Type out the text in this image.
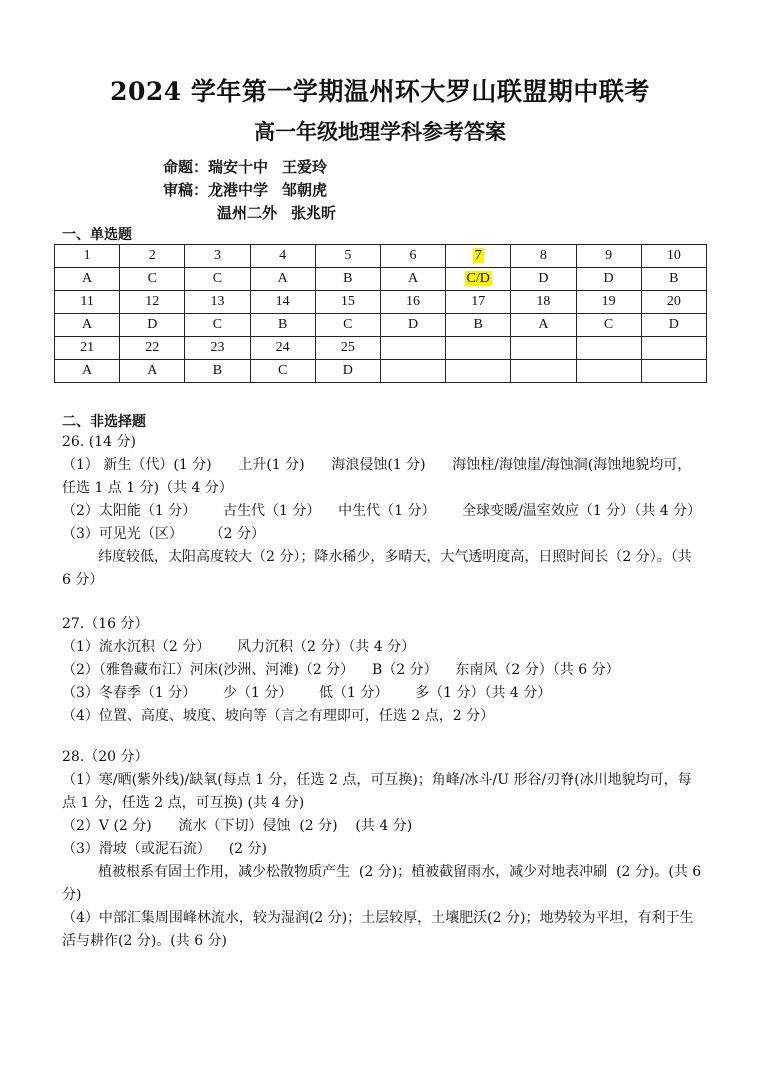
2024 学年第一学期温州环大罗山联盟期中联考
高一年级地理学科参考答案
命题：瑞安十中 王爱玲
审稿：龙港中学 邹朝虎
温州二外 张兆昕
一、单选题
1	2	3	4	5	6	7	8	9	10
A	C	C	A	B	A	C/D	D	D	B
11	12	13	14	15	16	17	18	19	20
A	D	C	B	C	D	B	A	C	D
21	22	23	24	25					
A	A	B	C	D					
二、非选择题

26. (14 分)

（1） 新生（代）(1 分)      上升(1 分)      海浪侵蚀(1 分)      海蚀柱/海蚀崖/海蚀洞(海蚀地貌均可，任选 1 点 1 分)（共 4 分）

（2）太阳能（1 分）      古生代（1 分）    中生代（1 分）      全球变暖/温室效应（1 分）（共 4 分）

（3）可见光（区）      （2 分）

纬度较低，太阳高度较大（2 分）；降水稀少，多晴天，大气透明度高，日照时间长（2 分）。（共 6 分）

27.（16 分）

（1）流水沉积（2 分）      风力沉积（2 分）（共 4 分）

（2）（雅鲁藏布江）河床(沙洲、河滩)（2 分）    B（2 分）    东南风（2 分）（共 6 分）

（3）冬春季（1 分）      少（1 分）      低（1 分）      多（1 分）（共 4 分）

（4）位置、高度、坡度、坡向等（言之有理即可，任选 2 点，2 分）

28.（20 分）

（1）寒/晒(紫外线)/缺氧(每点 1 分，任选 2 点，可互换)；角峰/冰斗/U 形谷/刃脊(冰川地貌均可，每点 1 分，任选 2 点，可互换) (共 4 分)

（2）V (2 分)      流水（下切）侵蚀  (2 分)    (共 4 分)

（3）滑坡（或泥石流）    (2 分)

植被根系有固土作用，减少松散物质产生  (2 分)；植被截留雨水，减少对地表冲刷  (2 分)。(共 6 分)

（4）中部汇集周围峰林流水，较为湿润(2 分)；土层较厚，土壤肥沃(2 分)；地势较为平坦，有利于生活与耕作(2 分)。(共 6 分)
